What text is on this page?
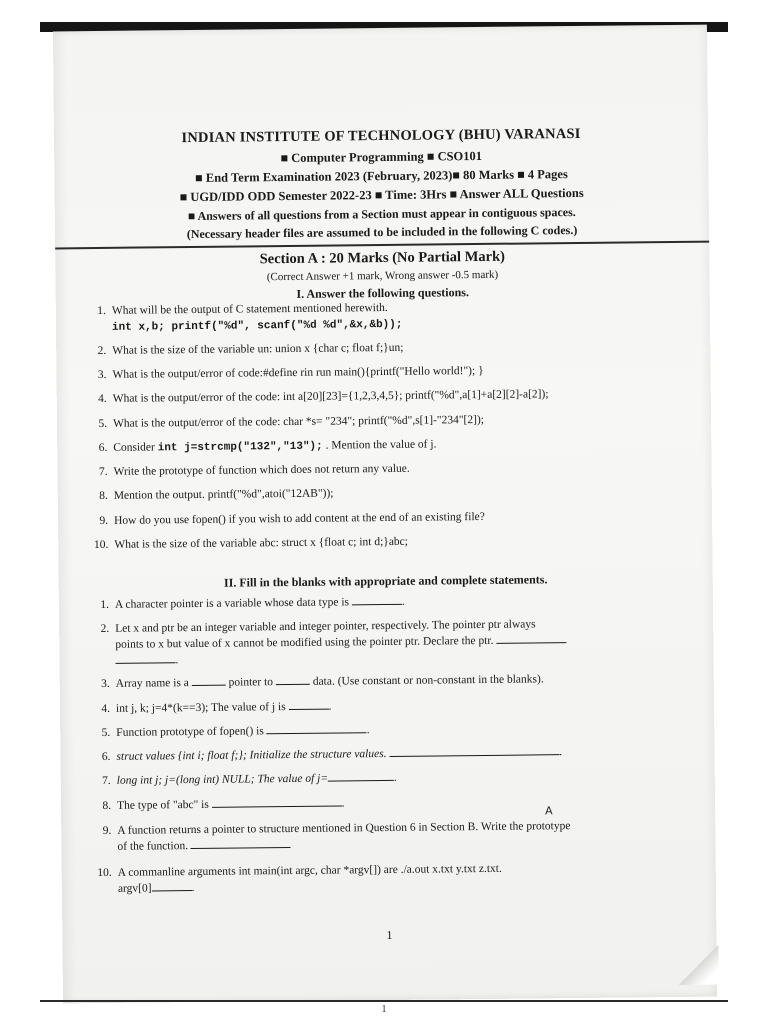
INDIAN INSTITUTE OF TECHNOLOGY (BHU) VARANASI
■ Computer Programming ■ CSO101
■ End Term Examination 2023 (February, 2023)■ 80 Marks ■ 4 Pages
■ UGD/IDD ODD Semester 2022-23 ■ Time: 3Hrs ■ Answer ALL Questions
■ Answers of all questions from a Section must appear in contiguous spaces.
(Necessary header files are assumed to be included in the following C codes.)
Section A : 20 Marks (No Partial Mark)
(Correct Answer +1 mark, Wrong answer -0.5 mark)
I. Answer the following questions.
1. What will be the output of C statement mentioned herewith.
int x,b; printf("%d", scanf("%d %d",&x,&b));
2. What is the size of the variable un: union x {char c; float f;}un;
3. What is the output/error of code:#define rin run main(){printf("Hello world!"); }
4. What is the output/error of the code: int a[20][23]={1,2,3,4,5}; printf("%d",a[1]+a[2][2]-a[2]);
5. What is the output/error of the code: char *s= "234"; printf("%d",s[1]-"234"[2]);
6. Consider int j=strcmp("132","13"); . Mention the value of j.
7. Write the prototype of function which does not return any value.
8. Mention the output. printf("%d",atoi("12AB"));
9. How do you use fopen() if you wish to add content at the end of an existing file?
10. What is the size of the variable abc: struct x {float c; int d;}abc;
II. Fill in the blanks with appropriate and complete statements.
1. A character pointer is a variable whose data type is	.
2. Let x and ptr be an integer variable and integer pointer, respectively. The pointer ptr always
points to x but value of x cannot be modified using the pointer ptr. Declare the ptr.
.
3. Array name is a	pointer to	data. (Use constant or non-constant in the blanks).
4. int j, k; j=4*(k==3); The value of j is	.
5. Function prototype of fopen() is	.
6. struct values {int i; float f;}; Initialize the structure values.	.
7. long int j; j=(long int) NULL; The value of j=	.
8. The type of "abc" is	.
9. A function returns a pointer to structure mentioned in Question 6 in Section B. Write the prototype
of the function.
A
10. A commanline arguments int main(int argc, char *argv[]) are ./a.out x.txt y.txt z.txt.
argv[0]	.
1
1
